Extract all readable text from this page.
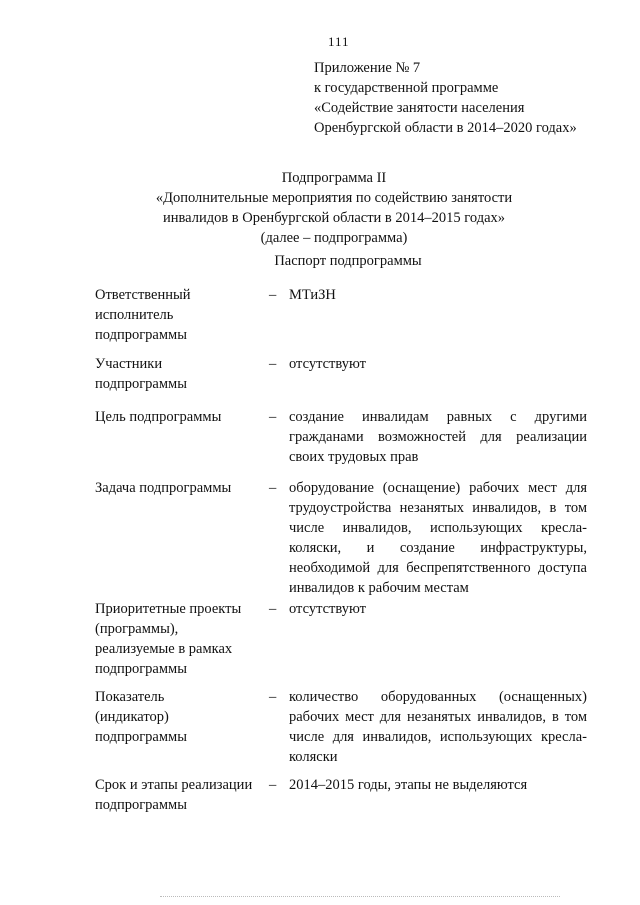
111
Приложение № 7
к государственной программе
«Содействие занятости населения
Оренбургской области в 2014–2020 годах»
Подпрограмма II
«Дополнительные мероприятия по содействию занятости
инвалидов в Оренбургской области в 2014–2015 годах»
(далее – подпрограмма)
Паспорт подпрограммы
Ответственный исполнитель подпрограммы
– МТиЗН
Участники подпрограммы
– отсутствуют
Цель подпрограммы	– создание инвалидам равных с другими гражданами возможностей для реализации своих трудовых прав
Задача подпрограммы	– оборудование (оснащение) рабочих мест для трудоустройства незанятых инвалидов, в том числе инвалидов, использующих кресла-коляски, и создание инфраструктуры, необходимой для беспрепятственного доступа инвалидов к рабочим местам
Приоритетные проекты (программы), реализуемые в рамках подпрограммы
– отсутствуют
Показатель (индикатор) подпрограммы
– количество оборудованных (оснащенных) рабочих мест для незанятых инвалидов, в том числе для инвалидов, использующих кресла-коляски
Срок и этапы реализации подпрограммы
– 2014–2015 годы, этапы не выделяются
